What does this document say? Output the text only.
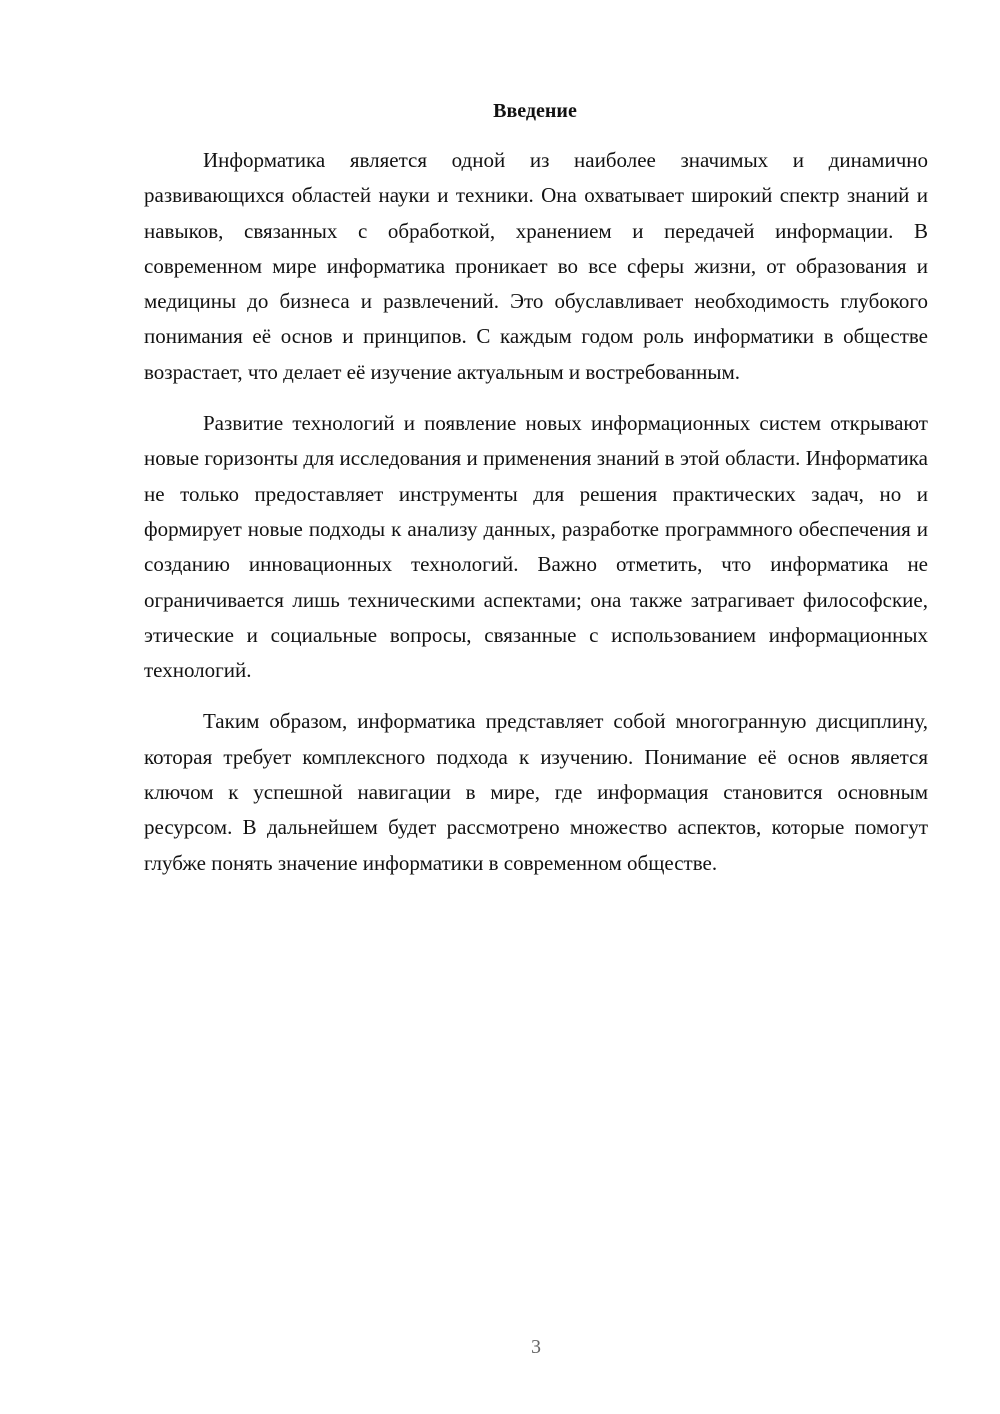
Введение

Информатика является одной из наиболее значимых и динамично развивающихся областей науки и техники. Она охватывает широкий спектр знаний и навыков, связанных с обработкой, хранением и передачей информации. В современном мире информатика проникает во все сферы жизни, от образования и медицины до бизнеса и развлечений. Это обуславливает необходимость глубокого понимания её основ и принципов. С каждым годом роль информатики в обществе возрастает, что делает её изучение актуальным и востребованным.

Развитие технологий и появление новых информационных систем открывают новые горизонты для исследования и применения знаний в этой области. Информатика не только предоставляет инструменты для решения практических задач, но и формирует новые подходы к анализу данных, разработке программного обеспечения и созданию инновационных технологий. Важно отметить, что информатика не ограничивается лишь техническими аспектами; она также затрагивает философские, этические и социальные вопросы, связанные с использованием информационных технологий.

Таким образом, информатика представляет собой многогранную дисциплину, которая требует комплексного подхода к изучению. Понимание её основ является ключом к успешной навигации в мире, где информация становится основным ресурсом. В дальнейшем будет рассмотрено множество аспектов, которые помогут глубже понять значение информатики в современном обществе.

3
